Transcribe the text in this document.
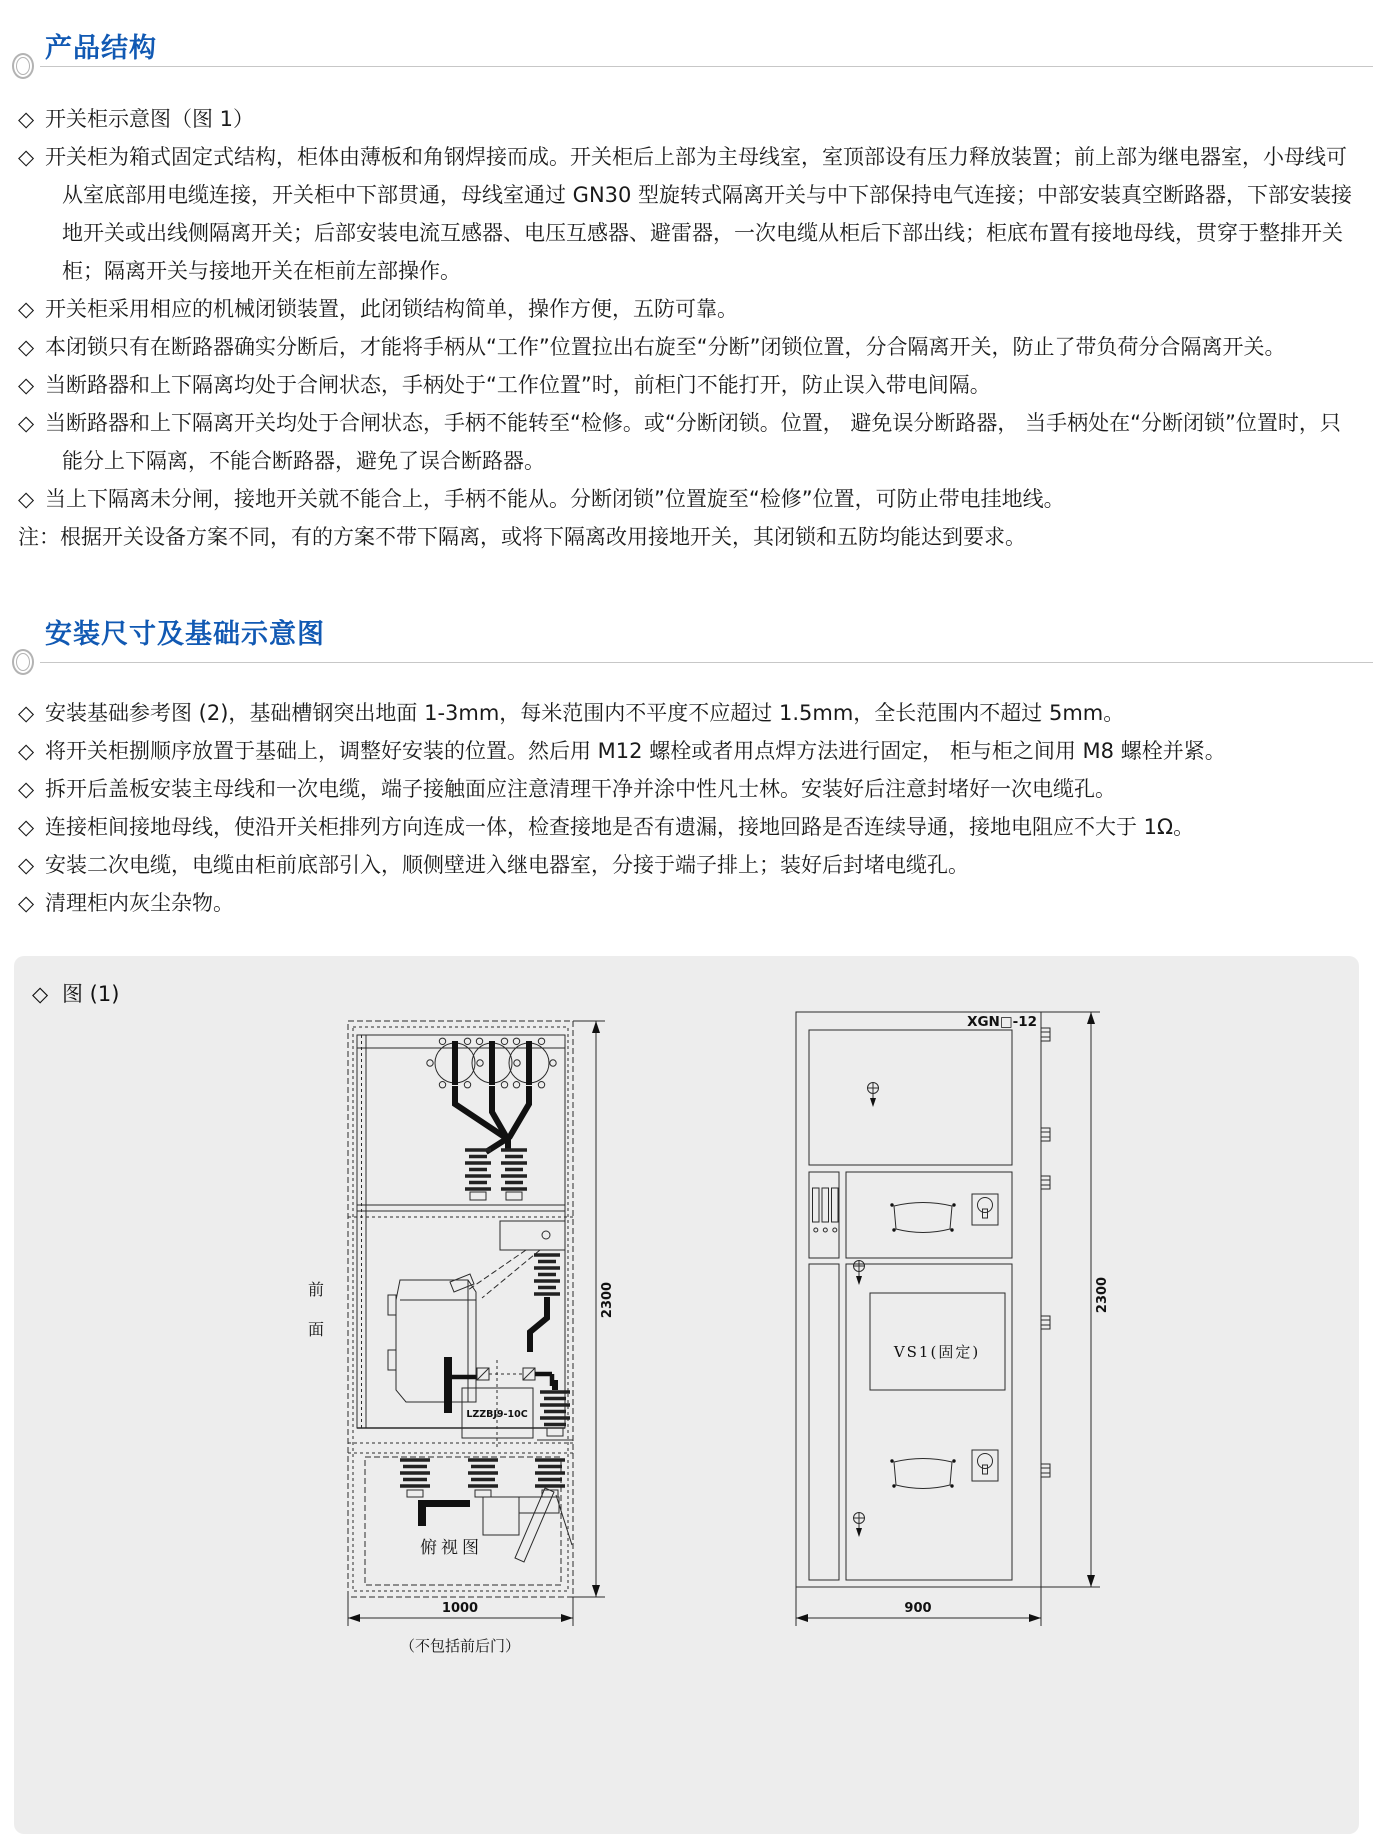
产品结构
◇ 开关柜示意图（图 1）
◇ 开关柜为箱式固定式结构，柜体由薄板和角钢焊接而成。开关柜后上部为主母线室，室顶部设有压力释放装置；前上部为继电器室，小母线可从室底部用电缆连接，开关柜中下部贯通，母线室通过 GN30 型旋转式隔离开关与中下部保持电气连接；中部安装真空断路器，下部安装接地开关或出线侧隔离开关；后部安装电流互感器、电压互感器、避雷器，一次电缆从柜后下部出线；柜底布置有接地母线，贯穿于整排开关柜；隔离开关与接地开关在柜前左部操作。
◇ 开关柜采用相应的机械闭锁装置，此闭锁结构简单，操作方便，五防可靠。
◇ 本闭锁只有在断路器确实分断后，才能将手柄从“工作”位置拉出右旋至“分断”闭锁位置，分合隔离开关，防止了带负荷分合隔离开关。
◇ 当断路器和上下隔离均处于合闸状态，手柄处于“工作位置”时，前柜门不能打开，防止误入带电间隔。
◇ 当断路器和上下隔离开关均处于合闸状态，手柄不能转至“检修。或“分断闭锁。位置， 避免误分断路器， 当手柄处在“分断闭锁”位置时，只能分上下隔离，不能合断路器，避免了误合断路器。
◇ 当上下隔离未分闸，接地开关就不能合上，手柄不能从。分断闭锁”位置旋至“检修”位置，可防止带电挂地线。
注：根据开关设备方案不同，有的方案不带下隔离，或将下隔离改用接地开关，其闭锁和五防均能达到要求。
安装尺寸及基础示意图
◇ 安装基础参考图 (2)，基础槽钢突出地面 1-3mm，每米范围内不平度不应超过 1.5mm，全长范围内不超过 5mm。
◇ 将开关柜捌顺序放置于基础上，调整好安装的位置。然后用 M12 螺栓或者用点焊方法进行固定， 柜与柜之间用 M8 螺栓并紧。
◇ 拆开后盖板安装主母线和一次电缆，端子接触面应注意清理干净并涂中性凡士林。安装好后注意封堵好一次电缆孔。
◇ 连接柜间接地母线，使沿开关柜排列方向连成一体，检查接地是否有遗漏，接地回路是否连续导通，接地电阻应不大于 1Ω。
◇ 安装二次电缆，电缆由柜前底部引入，顺侧壁进入继电器室，分接于端子排上；装好后封堵电缆孔。
◇ 清理柜内灰尘杂物。
◇ 图 (1)
前
面
LZZBJ9-10C
俯视图
2300
1000
（不包括前后门）
XGN□-12
VS1(固定)
2300
900
